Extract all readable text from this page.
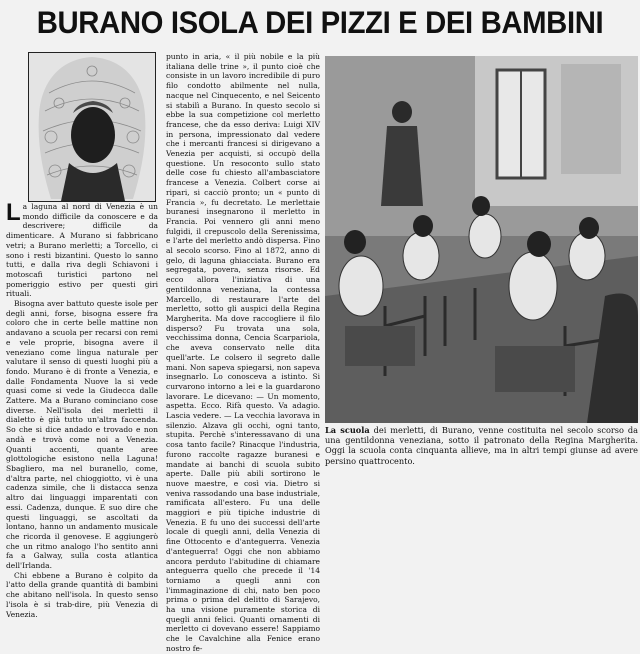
BURANO ISOLA DEI PIZZI E DEI BAMBINI

La laguna al nord di Venezia è un mondo difficile da conoscere e da descrivere; difficile da dimenticare. A Murano si fabbricano vetri; a Burano merletti; a Torcello, ci sono i resti bizantini. Questo lo sanno tutti, e dalla riva degli Schiavoni i motoscafi turistici partono nel pomeriggio estivo per questi giri rituali.

Bisogna aver battuto queste isole per degli anni, forse, bisogna essere fra coloro che in certe belle mattine non andavano a scuola per recarsi con remi e vele proprie, bisogna avere il veneziano come lingua naturale per valutare il senso di questi luoghi più a fondo. Murano è di fronte a Venezia, e dalle Fondamenta Nuove la si vede quasi come si vede la Giudecca dalle Zattere. Ma a Burano cominciano cose diverse. Nell'isola dei merletti il dialetto è già tutto un'altra faccenda. So che si dice andado e trovado e non andà e trovà come noi a Venezia. Quanti accenti, quante aree glottologiche esistono nella Laguna! Sbagliero, ma nel buranello, come, d'altra parte, nel chioggiotto, vi è una cadenza simile, che li distacca senza altro dai linguaggi imparentati con essi. Cadenza, dunque. E suo dire che questi linguaggi, se ascoltati da lontano, hanno un andamento musicale che ricorda il genovese. E aggiungerò che un ritmo analogo l'ho sentito anni fa a Galway, sulla costa atlantica dell'Irlanda.

Chi ebbene a Burano è colpito da l'atto della grande quantità di bambini che abitano nell'isola. In questo senso l'isola è si trab-dire, più Venezia di Venezia.

punto in aria, « il più nobile e la più italiana delle trine », il punto cioè che consiste in un lavoro incredibile di puro filo condotto abilmente nel nulla, nacque nel Cinquecento, e nel Seicento si stabilì a Burano. In questo secolo si ebbe la sua competizione col merletto francese, che da esso deriva: Luigi XIV in persona, impressionato dal vedere che i mercanti francesi si dirigevano a Venezia per acquisti, si occupò della questione. Un resoconto sullo stato delle cose fu chiesto all'ambasciatore francese a Venezia. Colbert corse ai ripari, si cacciò pronto; un « punto di Francia », fu decretato. Le merlettaie buranesi insegnarono il merletto in Francia. Poi vennero gli anni meno fulgidi, il crepuscolo della Serenissima, e l'arte del merletto andò dispersa. Fino al secolo scorso. Fino al 1872, anno di gelo, di laguna ghiacciata. Burano era segregata, povera, senza risorse. Ed ecco allora l'iniziativa di una gentildonna veneziana, la contessa Marcello, di restaurare l'arte del merletto, sotto gli auspici della Regina Margherita. Ma dove raccogliere il filo disperso? Fu trovata una sola, vecchissima donna, Cencia Scarpariola, che aveva conservato nelle dita quell'arte. Le colsero il segreto dalle mani. Non sapeva spiegarsi, non sapeva insegnarlo. Lo conosceva a istinto. Si curvarono intorno a lei e la guardarono lavorare. Le dicevano: — Un momento, aspetta. Ecco. Rifà questo. Va adagio. Lascia vedere. — La vecchia lavorava in silenzio. Alzava gli occhi, ogni tanto, stupita. Perchè s'interessavano di una cosa tanto facile? Rinacque l'industria, furono raccolte ragazze buranesi e mandate ai banchi di scuola subito aperte. Dalle più abili sortirono le nuove maestre, e così via. Dietro si veniva rassodando una base industriale, ramificata all'estero. Fu una delle maggiori e più tipiche industrie di Venezia. E fu uno dei successi dell'arte locale di quegli anni, della Venezia di fine Ottocento e d'anteguerra. Venezia d'anteguerra! Oggi che non abbiamo ancora perduto l'abitudine di chiamare anteguerra quello che precede il '14 torniamo a quegli anni con l'immaginazione di chi, nato ben poco prima o prima del delitto di Sarajevo, ha una visione puramente storica di quegli anni felici. Quanti ornamenti di merletto ci dovevano essere! Sappiamo che le Cavalchine alla Fenice erano nostro fe-

La scuola dei merletti, di Burano, venne costituita nel secolo scorso da una gentildonna veneziana, sotto il patronato della Regina Margherita. Oggi la scuola conta cinquanta allieve, ma in altri tempi giunse ad avere persino quattrocento.
